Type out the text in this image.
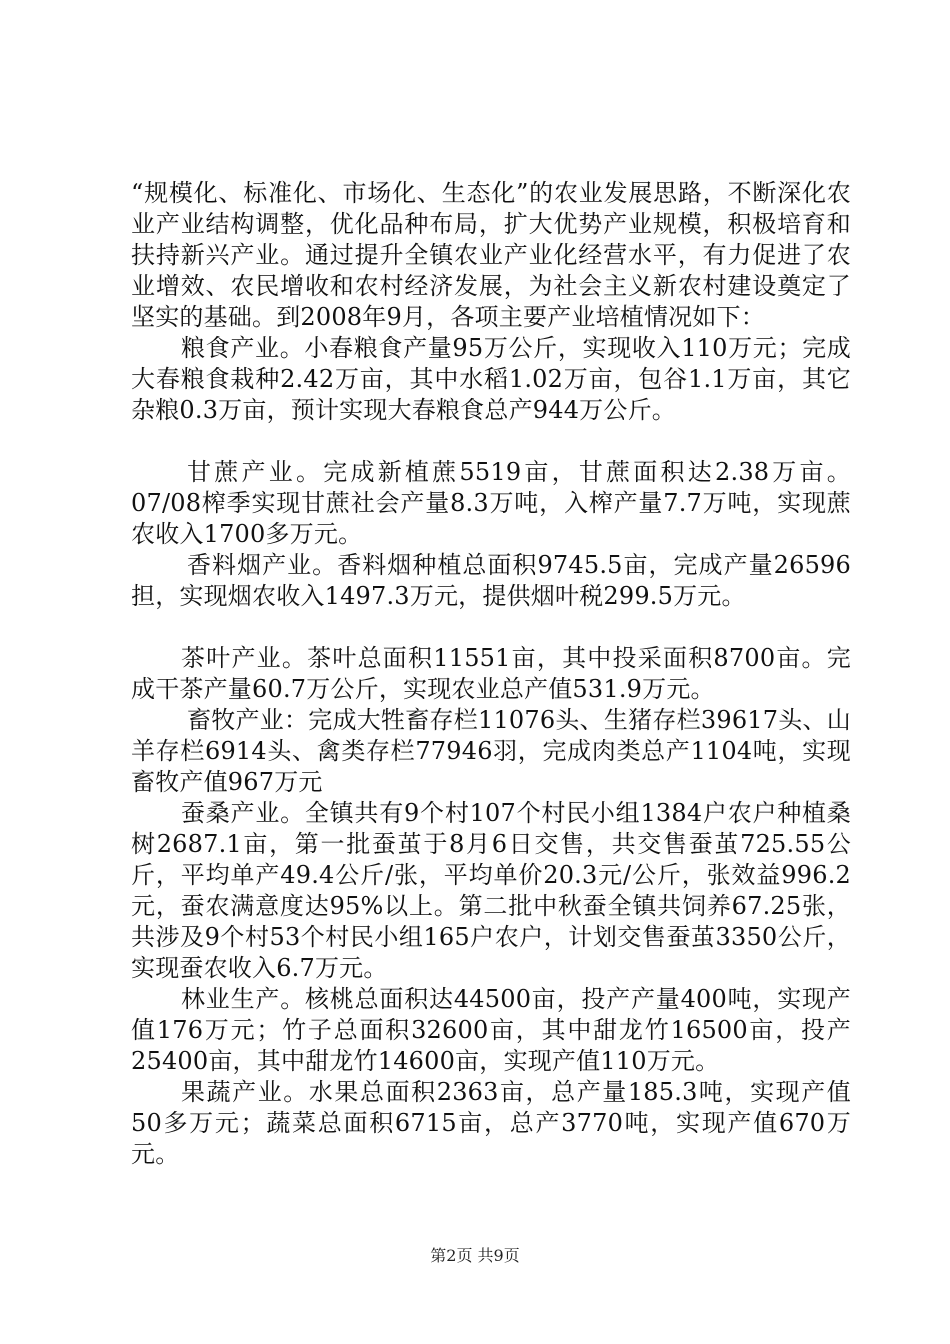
“规模化、标准化、市场化、生态化”的农业发展思路，不断深化农业产业结构调整，优化品种布局，扩大优势产业规模，积极培育和扶持新兴产业。通过提升全镇农业产业化经营水平，有力促进了农业增效、农民增收和农村经济发展，为社会主义新农村建设奠定了坚实的基础。到2008年9月，各项主要产业培植情况如下：

粮食产业。小春粮食产量95万公斤，实现收入110万元；完成大春粮食栽种2.42万亩，其中水稻1.02万亩，包谷1.1万亩，其它杂粮0.3万亩，预计实现大春粮食总产944万公斤。

甘蔗产业。完成新植蔗5519亩，甘蔗面积达2.38万亩。07/08榨季实现甘蔗社会产量8.3万吨，入榨产量7.7万吨，实现蔗农收入1700多万元。

香料烟产业。香料烟种植总面积9745.5亩，完成产量26596担，实现烟农收入1497.3万元，提供烟叶税299.5万元。

茶叶产业。茶叶总面积11551亩，其中投采面积8700亩。完成干茶产量60.7万公斤，实现农业总产值531.9万元。

畜牧产业：完成大牲畜存栏11076头、生猪存栏39617头、山羊存栏6914头、禽类存栏77946羽，完成肉类总产1104吨，实现畜牧产值967万元

蚕桑产业。全镇共有9个村107个村民小组1384户农户种植桑树2687.1亩，第一批蚕茧于8月6日交售，共交售蚕茧725.55公斤，平均单产49.4公斤/张，平均单价20.3元/公斤，张效益996.2元，蚕农满意度达95%以上。第二批中秋蚕全镇共饲养67.25张，共涉及9个村53个村民小组165户农户，计划交售蚕茧3350公斤，实现蚕农收入6.7万元。

林业生产。核桃总面积达44500亩，投产产量400吨，实现产值176万元；竹子总面积32600亩，其中甜龙竹16500亩，投产25400亩，其中甜龙竹14600亩，实现产值110万元。

果蔬产业。水果总面积2363亩，总产量185.3吨，实现产值50多万元；蔬菜总面积6715亩，总产3770吨，实现产值670万元。

第2页 共9页
